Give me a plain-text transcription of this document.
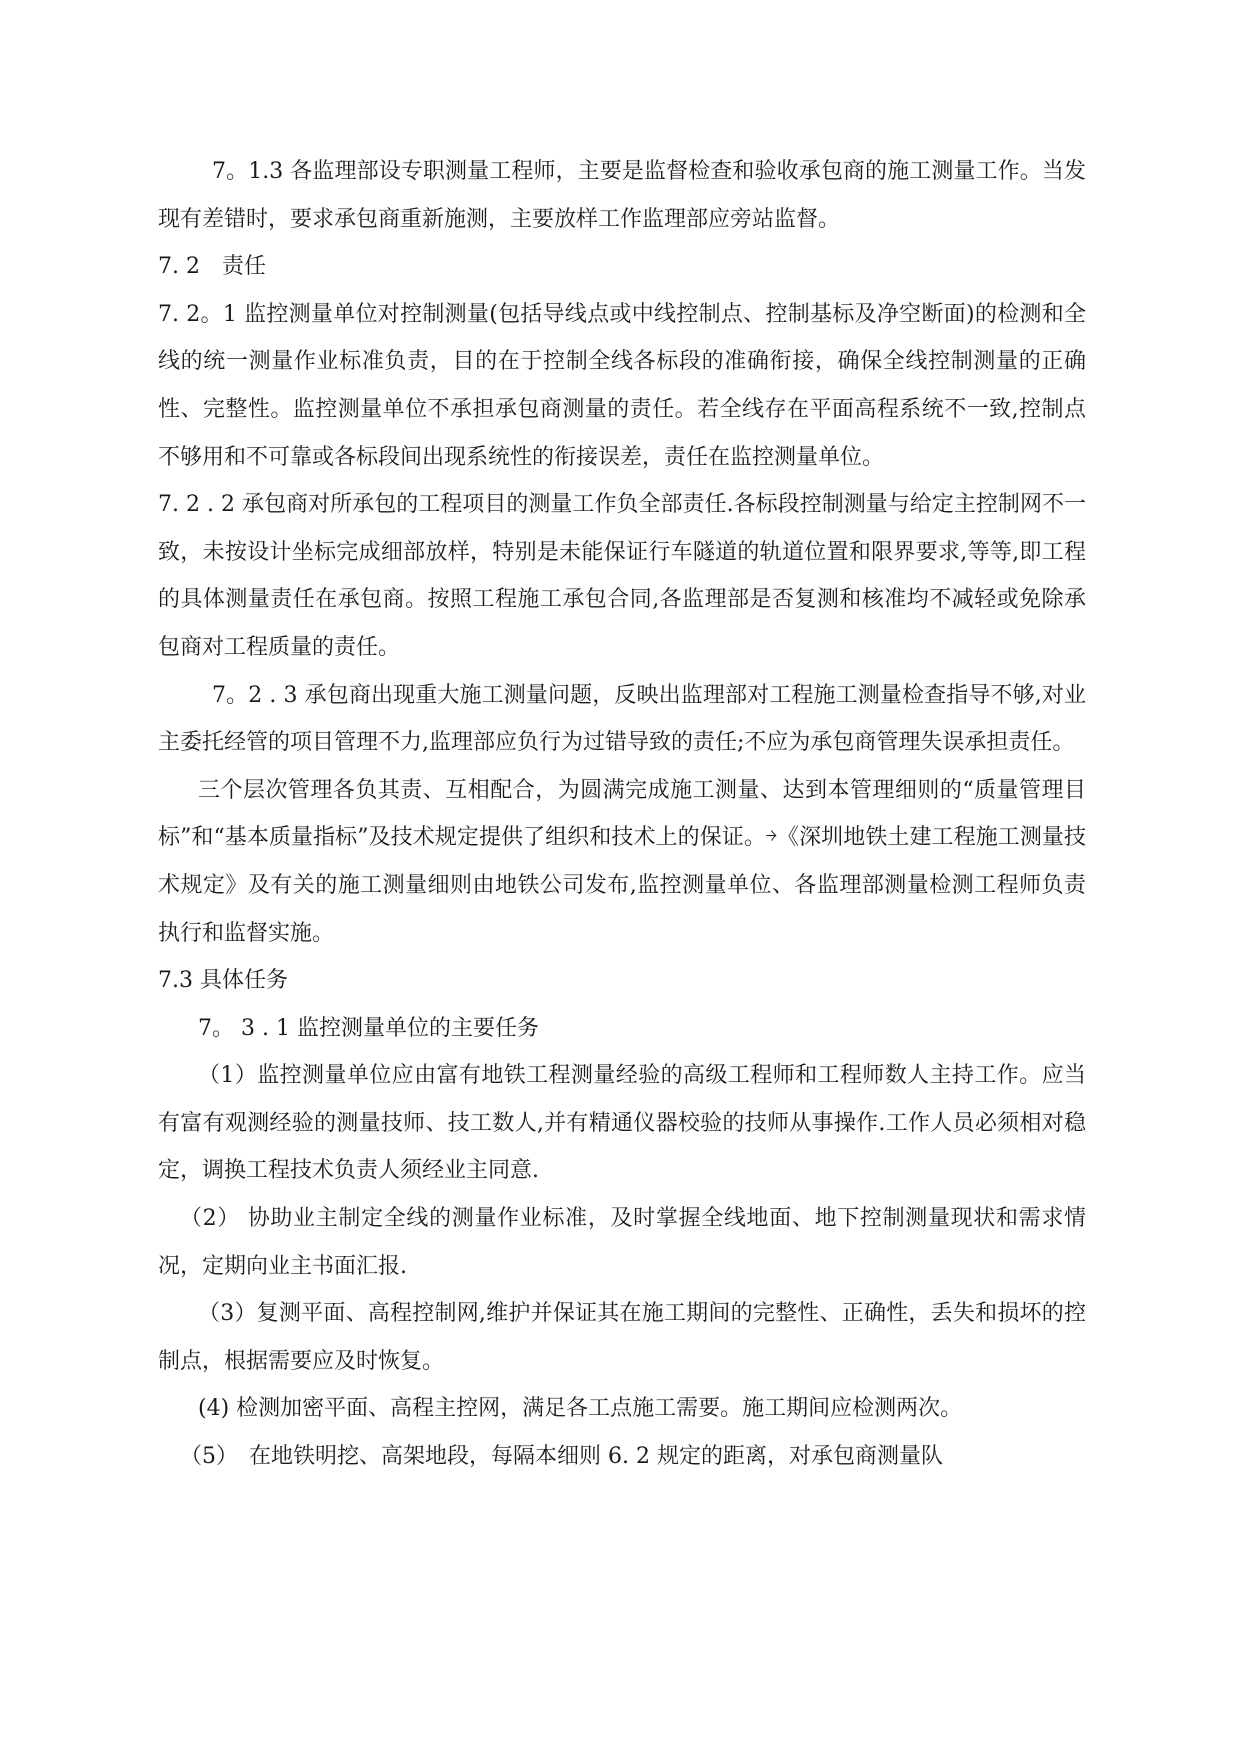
7。1.3 各监理部设专职测量工程师，主要是监督检查和验收承包商的施工测量工作。当发现有差错时，要求承包商重新施测，主要放样工作监理部应旁站监督。

7. 2　责任

7. 2。1 监控测量单位对控制测量(包括导线点或中线控制点、控制基标及净空断面)的检测和全线的统一测量作业标准负责，目的在于控制全线各标段的准确衔接，确保全线控制测量的正确性、完整性。监控测量单位不承担承包商测量的责任。若全线存在平面高程系统不一致,控制点不够用和不可靠或各标段间出现系统性的衔接误差，责任在监控测量单位。

7. 2 . 2 承包商对所承包的工程项目的测量工作负全部责任.各标段控制测量与给定主控制网不一致，未按设计坐标完成细部放样，特别是未能保证行车隧道的轨道位置和限界要求,等等,即工程的具体测量责任在承包商。按照工程施工承包合同,各监理部是否复测和核准均不减轻或免除承包商对工程质量的责任。

7。2 . 3 承包商出现重大施工测量问题，反映出监理部对工程施工测量检查指导不够,对业主委托经管的项目管理不力,监理部应负行为过错导致的责任;不应为承包商管理失误承担责任。

三个层次管理各负其责、互相配合，为圆满完成施工测量、达到本管理细则的“质量管理目标”和“基本质量指标”及技术规定提供了组织和技术上的保证。￫《深圳地铁土建工程施工测量技术规定》及有关的施工测量细则由地铁公司发布,监控测量单位、各监理部测量检测工程师负责执行和监督实施。

7.3 具体任务

7。 3 . 1 监控测量单位的主要任务

（1）监控测量单位应由富有地铁工程测量经验的高级工程师和工程师数人主持工作。应当有富有观测经验的测量技师、技工数人,并有精通仪器校验的技师从事操作.工作人员必须相对稳定，调换工程技术负责人须经业主同意.

（2） 协助业主制定全线的测量作业标准，及时掌握全线地面、地下控制测量现状和需求情况，定期向业主书面汇报.

（3）复测平面、高程控制网,维护并保证其在施工期间的完整性、正确性，丢失和损坏的控制点，根据需要应及时恢复。

(4) 检测加密平面、高程主控网，满足各工点施工需要。施工期间应检测两次。

（5）　在地铁明挖、高架地段，每隔本细则 6. 2 规定的距离，对承包商测量队
